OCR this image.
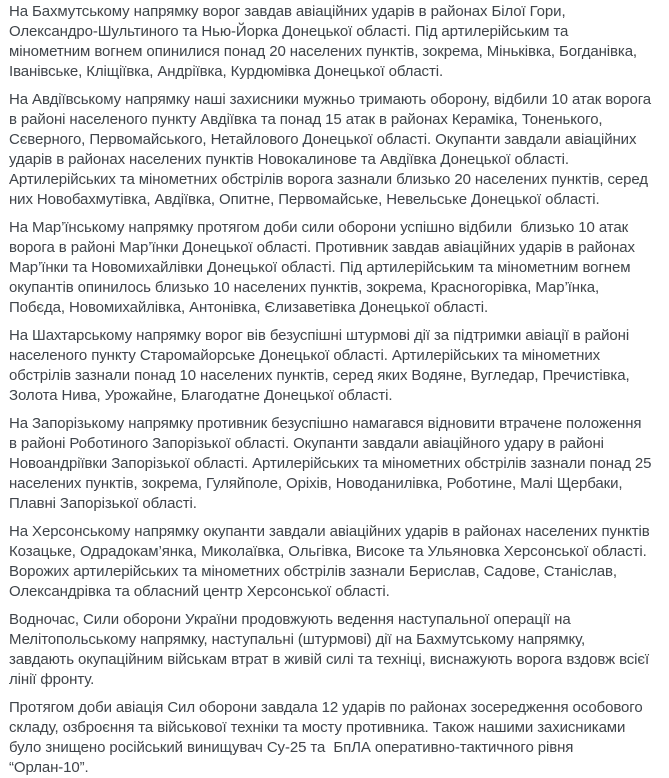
На Бахмутському напрямку ворог завдав авіаційних ударів в районах Білої Гори, Олександро-Шультиного та Нью-Йорка Донецької області. Під артилерійським та мінометним вогнем опинилися понад 20 населених пунктів, зокрема, Міньківка, Богданівка, Іванівське, Кліщіївка, Андріївка, Курдюмівка Донецької області.

На Авдіївському напрямку наші захисники мужньо тримають оборону, відбили 10 атак ворога в районі населеного пункту Авдіївка та понад 15 атак в районах Кераміка, Тоненького, Сєверного, Первомайського, Нетайлового Донецької області. Окупанти завдали авіаційних ударів в районах населених пунктів Новокалинове та Авдіївка Донецької області. Артилерійських та мінометних обстрілів ворога зазнали близько 20 населених пунктів, серед них Новобахмутівка, Авдіївка, Опитне, Первомайське, Невельське Донецької області.

На Мар’їнському напрямку протягом доби сили оборони успішно відбили  близько 10 атак ворога в районі Мар’їнки Донецької області. Противник завдав авіаційних ударів в районах Мар’їнки та Новомихайлівки Донецької області. Під артилерійським та мінометним вогнем окупантів опинилось близько 10 населених пунктів, зокрема, Красногорівка, Мар’їнка, Побєда, Новомихайлівка, Антонівка, Єлизаветівка Донецької області.

На Шахтарському напрямку ворог вів безуспішні штурмові дії за підтримки авіації в районі населеного пункту Старомайорське Донецької області. Артилерійських та мінометних обстрілів зазнали понад 10 населених пунктів, серед яких Водяне, Вугледар, Пречистівка, Золота Нива, Урожайне, Благодатне Донецької області.

На Запорізькому напрямку противник безуспішно намагався відновити втрачене положення в районі Роботиного Запорізької області. Окупанти завдали авіаційного удару в районі Новоандріївки Запорізької області. Артилерійських та мінометних обстрілів зазнали понад 25 населених пунктів, зокрема, Гуляйполе, Оріхів, Новоданилівка, Роботине, Малі Щербаки, Плавні Запорізької області.

На Херсонському напрямку окупанти завдали авіаційних ударів в районах населених пунктів Козацьке, Одрадокам’янка, Миколаївка, Ольгівка, Високе та Ульяновка Херсонської області. Ворожих артилерійських та мінометних обстрілів зазнали Берислав, Садове, Станіслав, Олександрівка та обласний центр Херсонської області.

Водночас, Сили оборони України продовжують ведення наступальної операції на Мелітопольському напрямку, наступальні (штурмові) дії на Бахмутському напрямку, завдають окупаційним військам втрат в живій силі та техніці, виснажують ворога вздовж всієї лінії фронту.

Протягом доби авіація Сил оборони завдала 12 ударів по районах зосередження особового складу, озброєння та військової техніки та мосту противника. Також нашими захисниками було знищено російський винищувач Су-25 та  БпЛА оперативно-тактичного рівня “Орлан-10”.
